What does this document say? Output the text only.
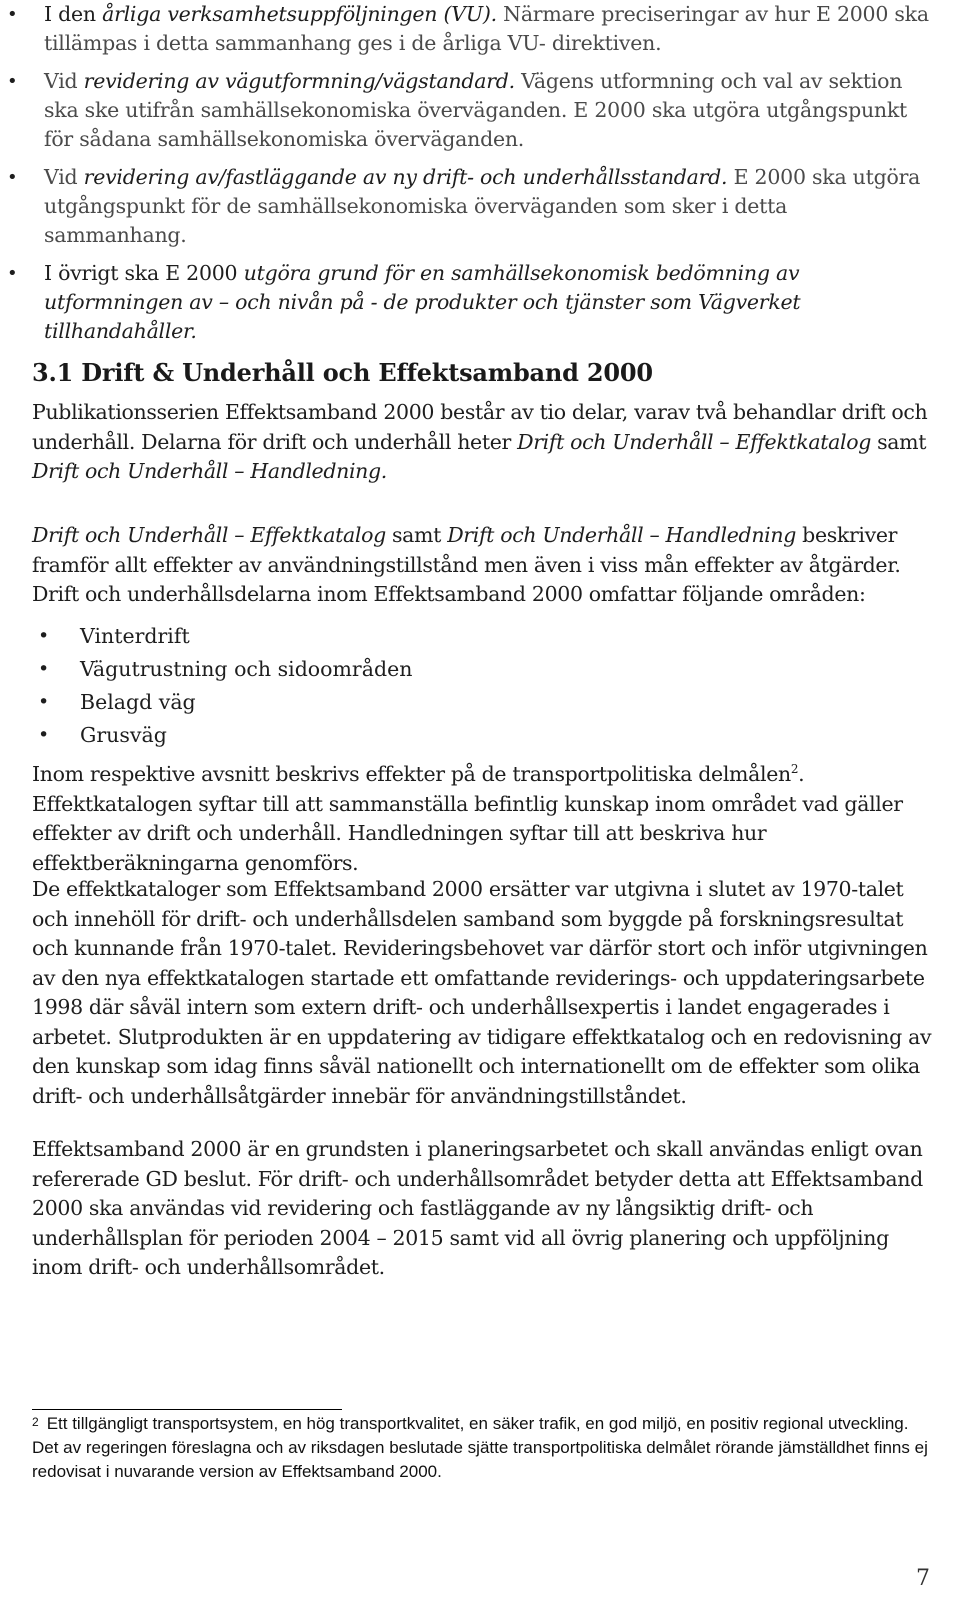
• I den årliga verksamhetsuppföljningen (VU). Närmare preciseringar av hur E 2000 ska tillämpas i detta sammanhang ges i de årliga VU- direktiven.
• Vid revidering av vägutformning/vägstandard. Vägens utformning och val av sektion ska ske utifrån samhällsekonomiska överväganden. E 2000 ska utgöra utgångspunkt för sådana samhällsekonomiska överväganden.
• Vid revidering av/fastläggande av ny drift- och underhållsstandard. E 2000 ska utgöra utgångspunkt för de samhällsekonomiska överväganden som sker i detta sammanhang.
• I övrigt ska E 2000 utgöra grund för en samhällsekonomisk bedömning av utformningen av – och nivån på - de produkter och tjänster som Vägverket tillhandahåller.
3.1 Drift & Underhåll och Effektsamband 2000

Publikationsserien Effektsamband 2000 består av tio delar, varav två behandlar drift och underhåll. Delarna för drift och underhåll heter Drift och Underhåll – Effektkatalog samt Drift och Underhåll – Handledning.

Drift och Underhåll – Effektkatalog samt Drift och Underhåll – Handledning beskriver framför allt effekter av användningstillstånd men även i viss mån effekter av åtgärder. Drift och underhållsdelarna inom Effektsamband 2000 omfattar följande områden:

• Vinterdrift
• Vägutrustning och sidoområden
• Belagd väg
• Grusväg

Inom respektive avsnitt beskrivs effekter på de transportpolitiska delmålen$^2$. Effektkatalogen syftar till att sammanställa befintlig kunskap inom området vad gäller effekter av drift och underhåll. Handledningen syftar till att beskriva hur effektberäkningarna genomförs.

De effektkataloger som Effektsamband 2000 ersätter var utgivna i slutet av 1970-talet och innehöll för drift- och underhållsdelen samband som byggde på forskningsresultat och kunnande från 1970-talet. Revideringsbehovet var därför stort och inför utgivningen av den nya effektkatalogen startade ett omfattande reviderings- och uppdateringsarbete 1998 där såväl intern som extern drift- och underhållsexpertis i landet engagerades i arbetet. Slutprodukten är en uppdatering av tidigare effektkatalog och en redovisning av den kunskap som idag finns såväl nationellt och internationellt om de effekter som olika drift- och underhållsåtgärder innebär för användningstillståndet.

Effektsamband 2000 är en grundsten i planeringsarbetet och skall användas enligt ovan refererade GD beslut. För drift- och underhållsområdet betyder detta att Effektsamband 2000 ska användas vid revidering och fastläggande av ny långsiktig drift- och underhållsplan för perioden 2004 – 2015 samt vid all övrig planering och uppföljning inom drift- och underhållsområdet.

$^2$ Ett tillgängligt transportsystem, en hög transportkvalitet, en säker trafik, en god miljö, en positiv regional utveckling. Det av regeringen föreslagna och av riksdagen beslutade sjätte transportpolitiska delmålet rörande jämställdhet finns ej redovisat i nuvarande version av Effektsamband 2000.

7
